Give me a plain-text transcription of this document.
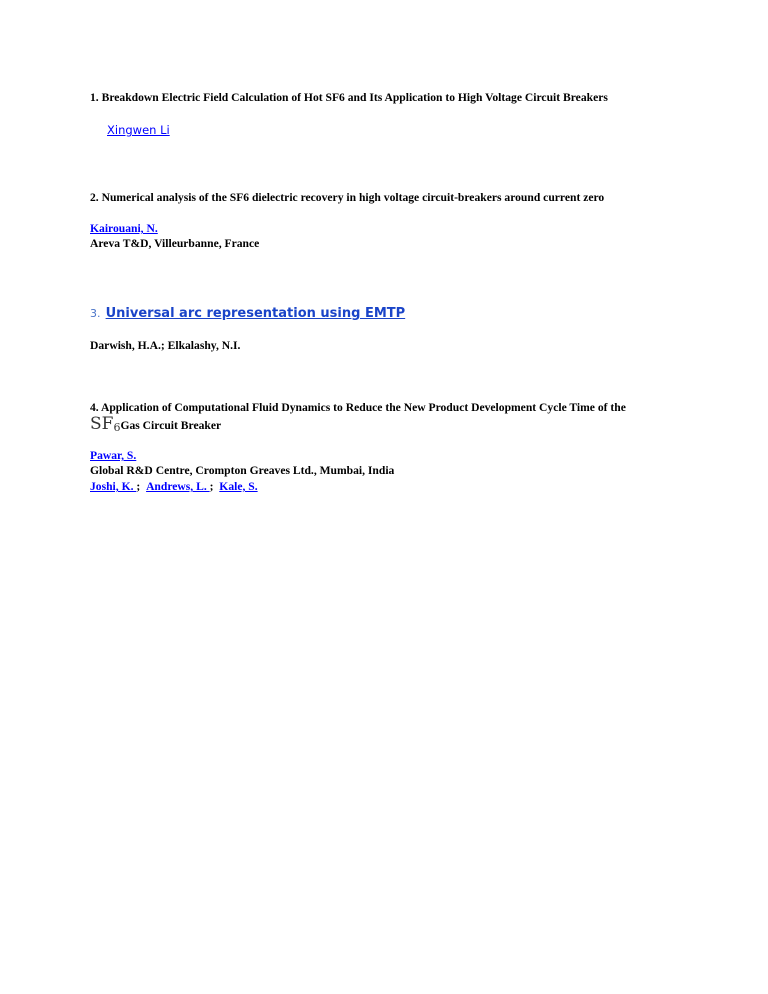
1. Breakdown Electric Field Calculation of Hot SF6 and Its Application to High Voltage Circuit Breakers
Xingwen Li
2. Numerical analysis of the SF6 dielectric recovery in high voltage circuit-breakers around current zero
Kairouani, N.
Areva T&D, Villeurbanne, France
3. Universal arc representation using EMTP
Darwish, H.A.; Elkalashy, N.I.
4. Application of Computational Fluid Dynamics to Reduce the New Product Development Cycle Time of the
SF6Gas Circuit Breaker
Pawar, S.
Global R&D Centre, Crompton Greaves Ltd., Mumbai, India
Joshi, K. ; Andrews, L. ; Kale, S.
